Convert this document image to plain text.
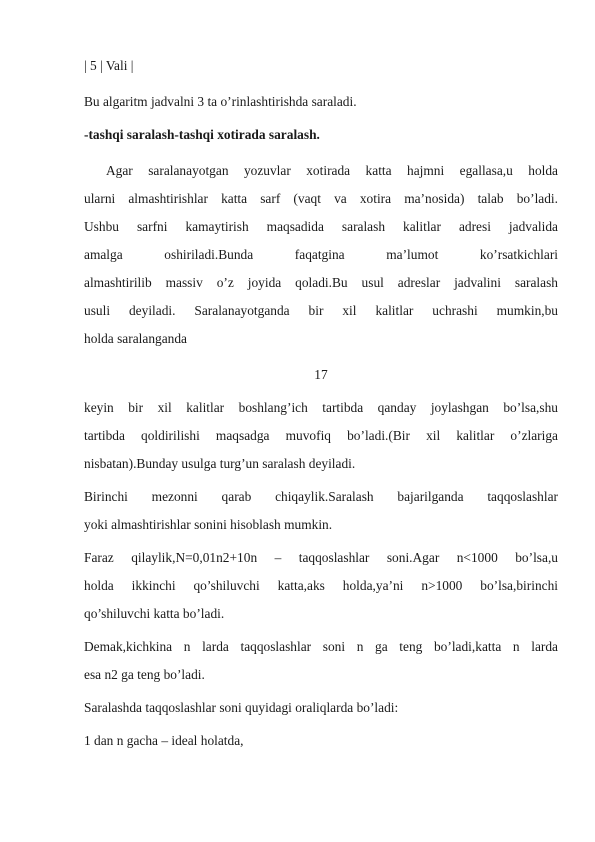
| 5 | Vali |
Bu algaritm jadvalni 3 ta o’rinlashtirishda saraladi.
-tashqi saralash-tashqi xotirada saralash.
Agar saralanayotgan yozuvlar xotirada katta hajmni egallasa,u holda
ularni almashtirishlar katta sarf (vaqt va xotira ma’nosida) talab bo’ladi.
Ushbu sarfni kamaytirish maqsadida saralash kalitlar adresi jadvalida
amalga oshiriladi.Bunda faqatgina ma’lumot ko’rsatkichlari
almashtirilib massiv o’z joyida qoladi.Bu usul adreslar jadvalini saralash
usuli deyiladi. Saralanayotganda bir xil kalitlar uchrashi mumkin,bu
holda saralanganda
17
keyin bir xil kalitlar boshlang’ich tartibda qanday joylashgan bo’lsa,shu
tartibda qoldirilishi maqsadga muvofiq bo’ladi.(Bir xil kalitlar o’zlariga
nisbatan).Bunday usulga turg’un saralash deyiladi.
Birinchi mezonni qarab chiqaylik.Saralash bajarilganda taqqoslashlar
yoki almashtirishlar sonini hisoblash mumkin.
Faraz qilaylik,N=0,01n2+10n – taqqoslashlar soni.Agar n<1000 bo’lsa,u
holda ikkinchi qo’shiluvchi katta,aks holda,ya’ni n>1000 bo’lsa,birinchi
qo’shiluvchi katta bo’ladi.
Demak,kichkina n larda taqqoslashlar soni n ga teng bo’ladi,katta n larda
esa n2 ga teng bo’ladi.
Saralashda taqqoslashlar soni quyidagi oraliqlarda bo’ladi:
1 dan n gacha – ideal holatda,
